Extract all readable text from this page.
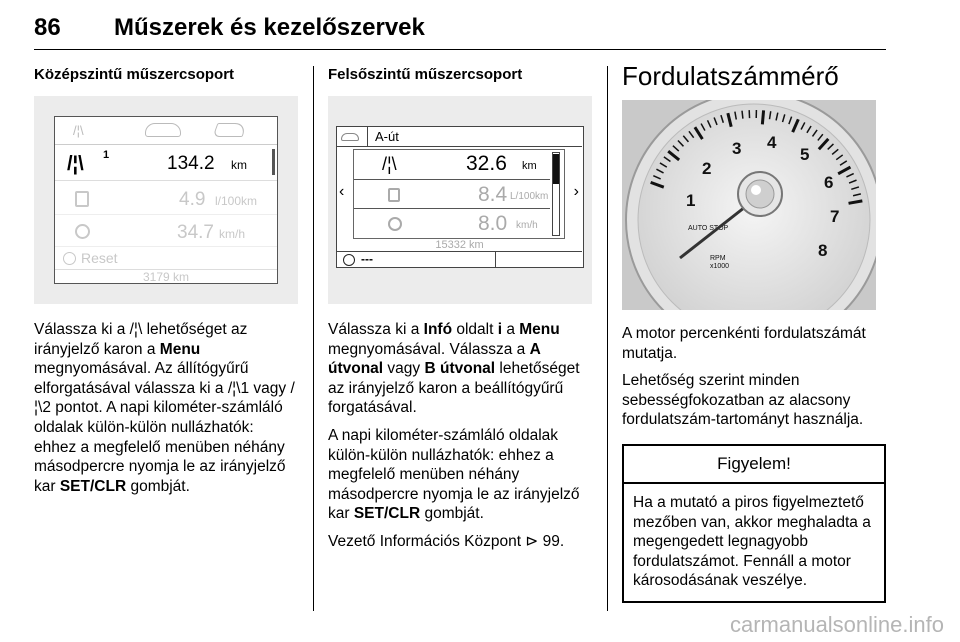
86 Műszerek és kezelőszervek
Középszintű műszercsoport
/¦\
/¦\ 1	134.2 km
4.9 l/100km
34.7 km/h
Reset
3179 km
Válassza ki a /¦\ lehetőséget az irányjelző karon a Menu megnyomásával. Az állítógyűrű elforgatásával válassza ki a /¦\1 vagy /¦\2 pontot. A napi kilométer-számláló oldalak külön-külön nullázhatók: ehhez a megfelelő menüben néhány másodpercre nyomja le az irányjelző kar SET/CLR gombját.
Felsőszintű műszercsoport
A-út
‹	›
/¦\	32.6 km
8.4 L/100km
8.0 km/h
15332 km
---
Válassza ki a Infó oldalt i a Menu megnyomásával. Válassza a A útvonal vagy B útvonal lehetőséget az irányjelző karon a beállítógyűrű forgatásával.
A napi kilométer-számláló oldalak külön-külön nullázhatók: ehhez a megfelelő menüben néhány másodpercre nyomja le az irányjelző kar SET/CLR gombját.
Vezető Információs Központ ⊳ 99.
Fordulatszámmérő
1
2
3 4
5
6
7
8
AUTO STOP
RPM
x1000
A motor percenkénti fordulatszámát mutatja.
Lehetőség szerint minden sebességfokozatban az alacsony fordulatszám-tartományt használja.
Figyelem!
Ha a mutató a piros figyelmeztető mezőben van, akkor meghaladta a megengedett legnagyobb fordulatszámot. Fennáll a motor károsodásának veszélye.
carmanualsonline.info
